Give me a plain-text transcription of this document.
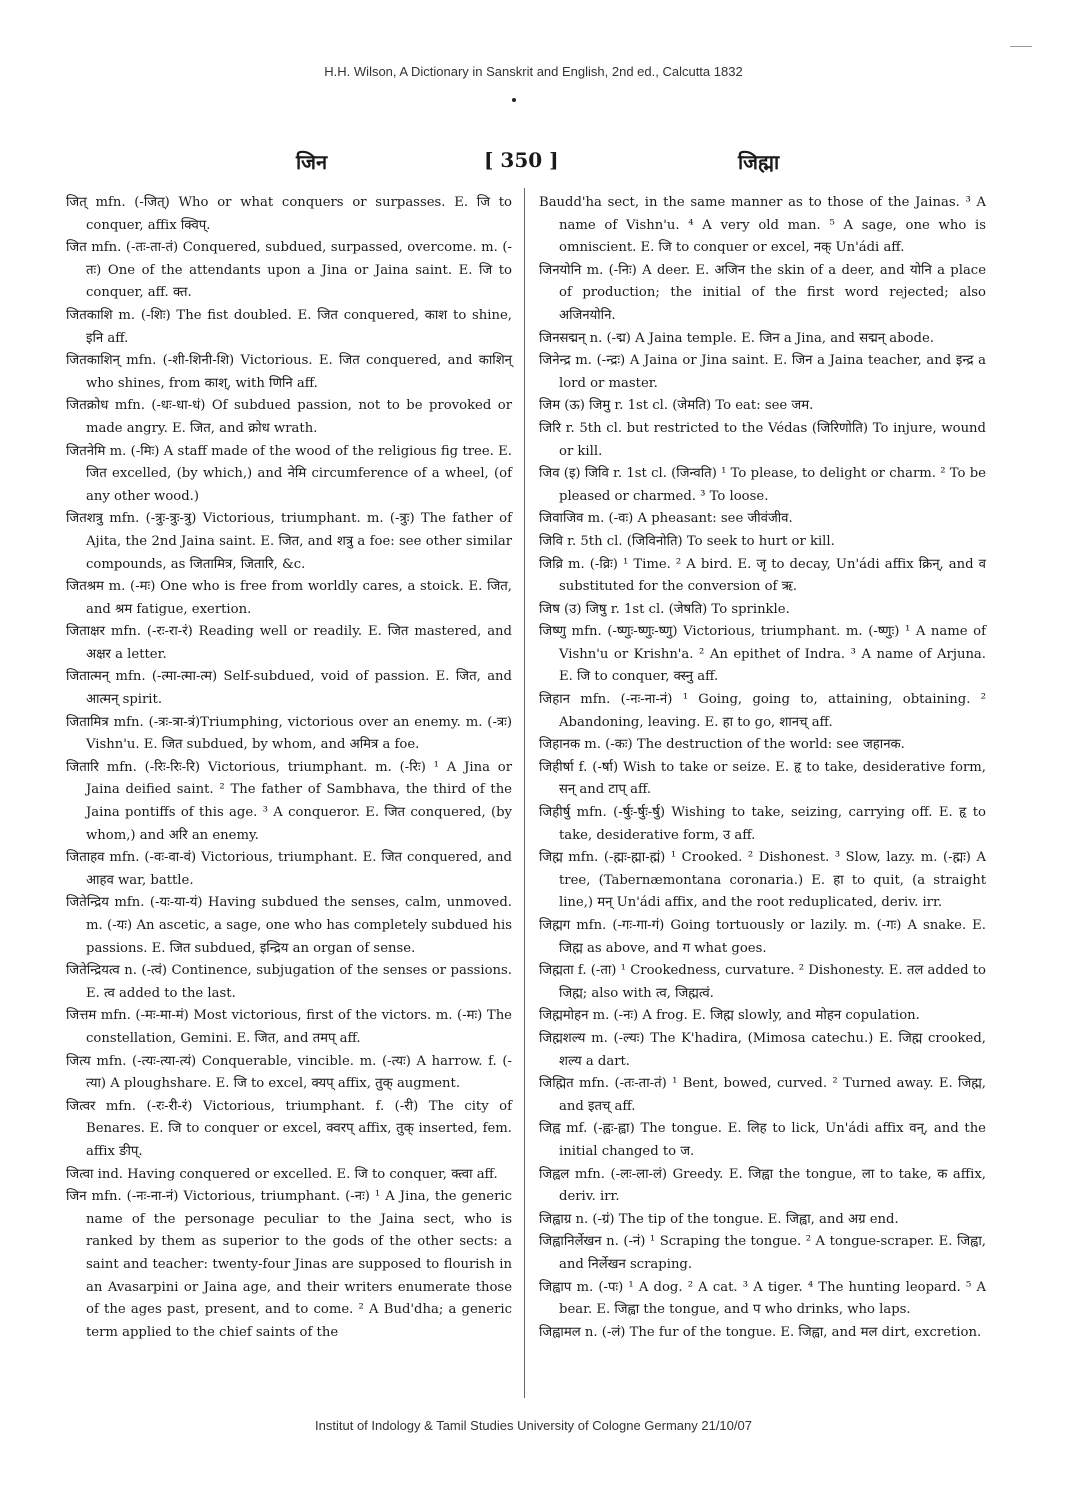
H.H. Wilson, A Dictionary in Sanskrit and English, 2nd ed., Calcutta 1832
जिन	[ 350 ]	जिह्मा

जित् mfn. (-जित्) Who or what conquers or surpasses. E. जि to conquer, affix क्विप्.

जित mfn. (-तः-ता-तं) Conquered, subdued, surpassed, overcome. m. (-तः) One of the attendants upon a Jina or Jaina saint. E. जि to conquer, aff. क्त.

जितकाशि m. (-शिः) The fist doubled. E. जित conquered, काश to shine, इनि aff.

जितकाशिन् mfn. (-शी-शिनी-शि) Victorious. E. जित conquered, and काशिन् who shines, from काश्, with णिनि aff.

जितक्रोध mfn. (-धः-धा-धं) Of subdued passion, not to be provoked or made angry. E. जित, and क्रोध wrath.

जितनेमि m. (-मिः) A staff made of the wood of the religious fig tree. E. जित excelled, (by which,) and नेमि circumference of a wheel, (of any other wood.)

जितशत्रु mfn. (-त्रुः-त्रुः-त्रु) Victorious, triumphant. m. (-त्रुः) The father of Ajita, the 2nd Jaina saint. E. जित, and शत्रु a foe: see other similar compounds, as जितामित्र, जितारि, &c.

जितश्रम m. (-मः) One who is free from worldly cares, a stoick. E. जित, and श्रम fatigue, exertion.

जिताक्षर mfn. (-रः-रा-रं) Reading well or readily. E. जित mastered, and अक्षर a letter.

जितात्मन् mfn. (-त्मा-त्मा-त्म) Self-subdued, void of passion. E. जित, and आत्मन् spirit.

जितामित्र mfn. (-त्रः-त्रा-त्रं)Triumphing, victorious over an enemy. m. (-त्रः) Vishn'u. E. जित subdued, by whom, and अमित्र a foe.

जितारि mfn. (-रिः-रिः-रि) Victorious, triumphant. m. (-रिः) ¹ A Jina or Jaina deified saint. ² The father of Sambhava, the third of the Jaina pontiffs of this age. ³ A conqueror. E. जित conquered, (by whom,) and अरि an enemy.

जिताहव mfn. (-वः-वा-वं) Victorious, triumphant. E. जित conquered, and आहव war, battle.

जितेन्द्रिय mfn. (-यः-या-यं) Having subdued the senses, calm, unmoved. m. (-यः) An ascetic, a sage, one who has completely subdued his passions. E. जित subdued, इन्द्रिय an organ of sense.

जितेन्द्रियत्व n. (-त्वं) Continence, subjugation of the senses or passions. E. त्व added to the last.

जित्तम mfn. (-मः-मा-मं) Most victorious, first of the victors. m. (-मः) The constellation, Gemini. E. जित, and तमप् aff.

जित्य mfn. (-त्यः-त्या-त्यं) Conquerable, vincible. m. (-त्यः) A harrow. f. (-त्या) A ploughshare. E. जि to excel, क्यप् affix, तुक् augment.

जित्वर mfn. (-रः-री-रं) Victorious, triumphant. f. (-री) The city of Benares. E. जि to conquer or excel, क्वरप् affix, तुक् inserted, fem. affix ङीप्.

जित्वा ind. Having conquered or excelled. E. जि to conquer, क्त्वा aff.

जिन mfn. (-नः-ना-नं) Victorious, triumphant. (-नः) ¹ A Jina, the generic name of the personage peculiar to the Jaina sect, who is ranked by them as superior to the gods of the other sects: a saint and teacher: twenty-four Jinas are supposed to flourish in an Avasarpini or Jaina age, and their writers enumerate those of the ages past, present, and to come. ² A Bud'dha; a generic term applied to the chief saints of the

Baudd'ha sect, in the same manner as to those of the Jainas. ³ A name of Vishn'u. ⁴ A very old man. ⁵ A sage, one who is omniscient. E. जि to conquer or excel, नक् Un'ádi aff.

जिनयोनि m. (-निः) A deer. E. अजिन the skin of a deer, and योनि a place of production; the initial of the first word rejected; also अजिनयोनि.

जिनसद्मन् n. (-द्म) A Jaina temple. E. जिन a Jina, and सद्मन् abode.

जिनेन्द्र m. (-न्द्रः) A Jaina or Jina saint. E. जिन a Jaina teacher, and इन्द्र a lord or master.

जिम (ऊ) जिमु r. 1st cl. (जेमति) To eat: see जम.

जिरि r. 5th cl. but restricted to the Védas (जिरिणोति) To injure, wound or kill.

जिव (इ) जिवि r. 1st cl. (जिन्वति) ¹ To please, to delight or charm. ² To be pleased or charmed. ³ To loose.

जिवाजिव m. (-वः) A pheasant: see जीवंजीव.

जिवि r. 5th cl. (जिविनोति) To seek to hurt or kill.

जिव्रि m. (-व्रिः) ¹ Time. ² A bird. E. जृ to decay, Un'ádi affix क्रिन्, and व substituted for the conversion of ऋ.

जिष (उ) जिषु r. 1st cl. (जेषति) To sprinkle.

जिष्णु mfn. (-ष्णुः-ष्णुः-ष्णु) Victorious, triumphant. m. (-ष्णुः) ¹ A name of Vishn'u or Krishn'a. ² An epithet of Indra. ³ A name of Arjuna. E. जि to conquer, क्स्नु aff.

जिहान mfn. (-नः-ना-नं) ¹ Going, going to, attaining, obtaining. ² Abandoning, leaving. E. हा to go, शानच् aff.

जिहानक m. (-कः) The destruction of the world: see जहानक.

जिहीर्षा f. (-र्षा) Wish to take or seize. E. हृ to take, desiderative form, सन् and टाप् aff.

जिहीर्षु mfn. (-र्षुः-र्षुः-र्षु) Wishing to take, seizing, carrying off. E. हृ to take, desiderative form, उ aff.

जिह्म mfn. (-ह्मः-ह्मा-ह्मं) ¹ Crooked. ² Dishonest. ³ Slow, lazy. m. (-ह्मः) A tree, (Tabernæmontana coronaria.) E. हा to quit, (a straight line,) मन् Un'ádi affix, and the root reduplicated, deriv. irr.

जिह्मग mfn. (-गः-गा-गं) Going tortuously or lazily. m. (-गः) A snake. E. जिह्म as above, and ग what goes.

जिह्मता f. (-ता) ¹ Crookedness, curvature. ² Dishonesty. E. तल added to जिह्म; also with त्व, जिह्मत्वं.

जिह्ममोहन m. (-नः) A frog. E. जिह्म slowly, and मोहन copulation.

जिह्मशल्य m. (-ल्यः) The K'hadira, (Mimosa catechu.) E. जिह्म crooked, शल्य a dart.

जिह्मित mfn. (-तः-ता-तं) ¹ Bent, bowed, curved. ² Turned away. E. जिह्म, and इतच् aff.

जिह्व mf. (-ह्वः-ह्वा) The tongue. E. लिह to lick, Un'ádi affix वन्, and the initial changed to ज.

जिह्वल mfn. (-लः-ला-लं) Greedy. E. जिह्वा the tongue, ला to take, क affix, deriv. irr.

जिह्वाग्र n. (-ग्रं) The tip of the tongue. E. जिह्वा, and अग्र end.

जिह्वानिर्लेखन n. (-नं) ¹ Scraping the tongue. ² A tongue-scraper. E. जिह्वा, and निर्लेखन scraping.

जिह्वाप m. (-पः) ¹ A dog. ² A cat. ³ A tiger. ⁴ The hunting leopard. ⁵ A bear. E. जिह्वा the tongue, and प who drinks, who laps.

जिह्वामल n. (-लं) The fur of the tongue. E. जिह्वा, and मल dirt, excretion.

Institut of Indology & Tamil Studies University of Cologne Germany 21/10/07
